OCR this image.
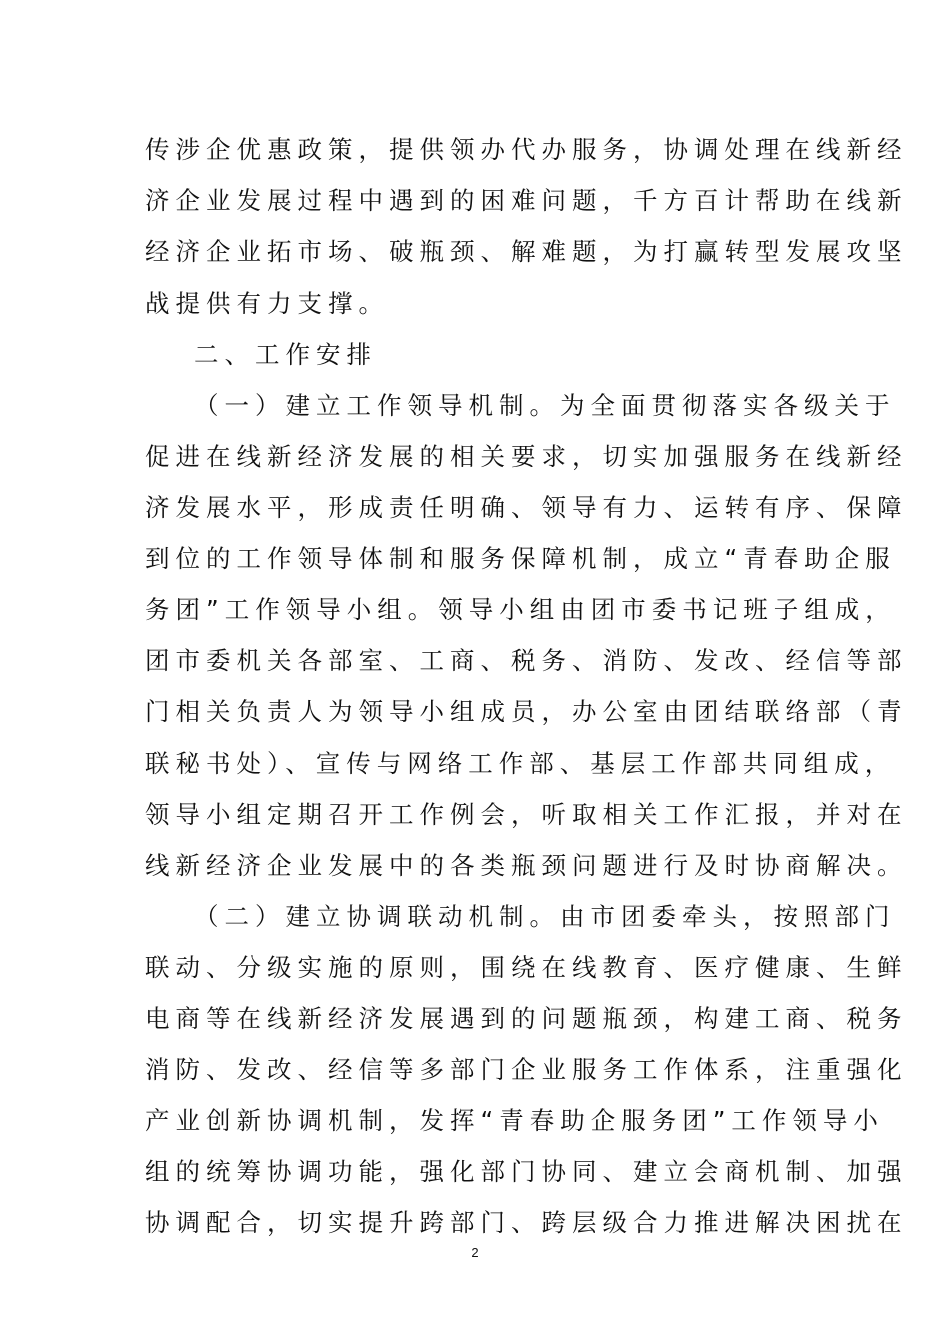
传涉企优惠政策，提供领办代办服务，协调处理在线新经
济企业发展过程中遇到的困难问题，千方百计帮助在线新
经济企业拓市场、破瓶颈、解难题，为打赢转型发展攻坚
战提供有力支撑。
二、工作安排
（一）建立工作领导机制。为全面贯彻落实各级关于
促进在线新经济发展的相关要求，切实加强服务在线新经
济发展水平，形成责任明确、领导有力、运转有序、保障
到位的工作领导体制和服务保障机制，成立“青春助企服
务团”工作领导小组。领导小组由团市委书记班子组成，
团市委机关各部室、工商、税务、消防、发改、经信等部
门相关负责人为领导小组成员，办公室由团结联络部（青
联秘书处）、宣传与网络工作部、基层工作部共同组成，
领导小组定期召开工作例会，听取相关工作汇报，并对在
线新经济企业发展中的各类瓶颈问题进行及时协商解决。
（二）建立协调联动机制。由市团委牵头，按照部门
联动、分级实施的原则，围绕在线教育、医疗健康、生鲜
电商等在线新经济发展遇到的问题瓶颈，构建工商、税务
消防、发改、经信等多部门企业服务工作体系，注重强化
产业创新协调机制，发挥“青春助企服务团”工作领导小
组的统筹协调功能，强化部门协同、建立会商机制、加强
协调配合，切实提升跨部门、跨层级合力推进解决困扰在
2
